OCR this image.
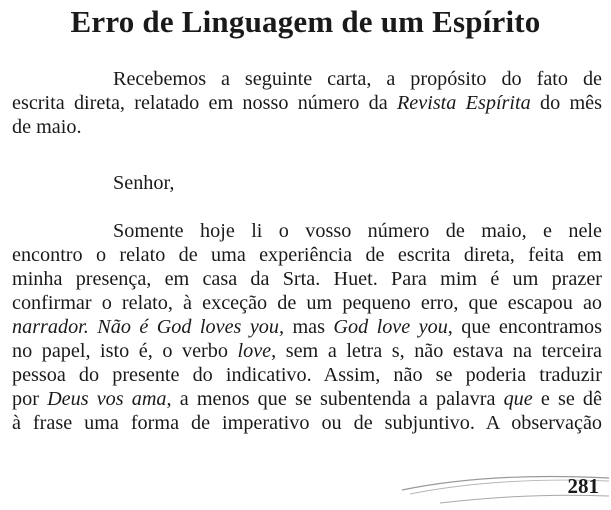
Erro de Linguagem de um Espírito
Recebemos a seguinte carta, a propósito do fato de
escrita direta, relatado em nosso número da Revista Espírita do mês
de maio.
Senhor,
Somente hoje li o vosso número de maio, e nele
encontro o relato de uma experiência de escrita direta, feita em
minha presença, em casa da Srta. Huet. Para mim é um prazer
confirmar o relato, à exceção de um pequeno erro, que escapou ao
narrador. Não é God loves you, mas God love you, que encontramos
no papel, isto é, o verbo love, sem a letra s, não estava na terceira
pessoa do presente do indicativo. Assim, não se poderia traduzir
por Deus vos ama, a menos que se subentenda a palavra que e se dê
à frase uma forma de imperativo ou de subjuntivo. A observação
281
